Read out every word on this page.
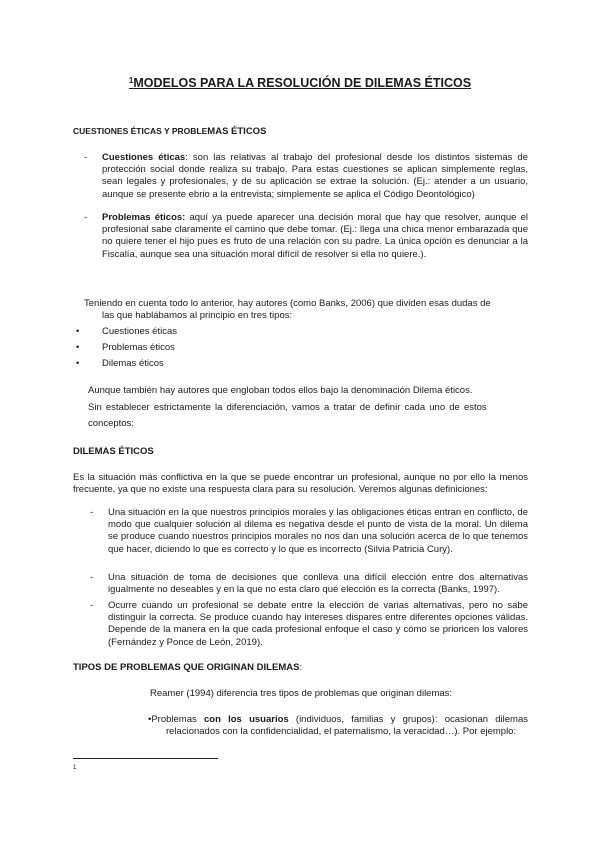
$^1$MODELOS PARA LA RESOLUCIÓN DE DILEMAS ÉTICOS
CUESTIONES ÉTICAS Y PROBLEMAS ÉTICOS
- Cuestiones éticas: son las relativas al trabajo del profesional desde los distintos sistemas de protección social donde realiza su trabajo. Para estas cuestiones se aplican simplemente reglas, sean legales y profesionales, y de su aplicación se extrae la solución. (Ej.: atender a un usuario, aunque se presente ebrio a la entrevista; simplemente se aplica el Código Deontológico)
- Problemas éticos: aquí ya puede aparecer una decisión moral que hay que resolver, aunque el profesional sabe claramente el camino que debe tomar. (Ej.: llega una chica menor embarazada que no quiere tener el hijo pues es fruto de una relación con su padre. La única opción es denunciar a la Fiscalía, aunque sea una situación moral difícil de resolver si ella no quiere.).
Teniendo en cuenta todo lo anterior, hay autores (como Banks, 2006) que dividen esas dudas de
las que hablábamos al principio en tres tipos:
• Cuestiones éticas
• Problemas éticos
• Dilemas éticos
Aunque también hay autores que engloban todos ellos bajo la denominación Dilema éticos.
Sin establecer estrictamente la diferenciación, vamos a tratar de definir cada uno de estos
conceptos:
DILEMAS ÉTICOS
Es la situación más conflictiva en la que se puede encontrar un profesional, aunque no por ello la menos frecuente, ya que no existe una respuesta clara para su resolución. Veremos algunas definiciones:
- Una situación en la que nuestros principios morales y las obligaciones éticas entran en conflicto, de modo que cualquier solución al dilema es negativa desde el punto de vista de la moral. Un dilema se produce cuando nuestros principios morales no nos dan una solución acerca de lo que tenemos que hacer, diciendo lo que es correcto y lo que es incorrecto (Silvia Patricia Cury).
- Una situación de toma de decisiones que conlleva una difícil elección entre dos alternativas igualmente no deseables y en la que no esta claro qué elección es la correcta (Banks, 1997).
- Ocurre cuando un profesional se debate entre la elección de varias alternativas, pero no sabe distinguir la correcta. Se produce cuando hay intereses dispares entre diferentes opciones válidas. Depende de la manera en la que cada profesional enfoque el caso y cómo se prioricen los valores (Fernández y Ponce de León, 2019).
TIPOS DE PROBLEMAS QUE ORIGINAN DILEMAS:
Reamer (1994) diferencia tres tipos de problemas que originan dilemas:
•Problemas con los usuarios (individuos, familias y grupos): ocasionan dilemas
relacionados con la confidencialidad, el paternalismo, la veracidad…). Por ejemplo:
1
